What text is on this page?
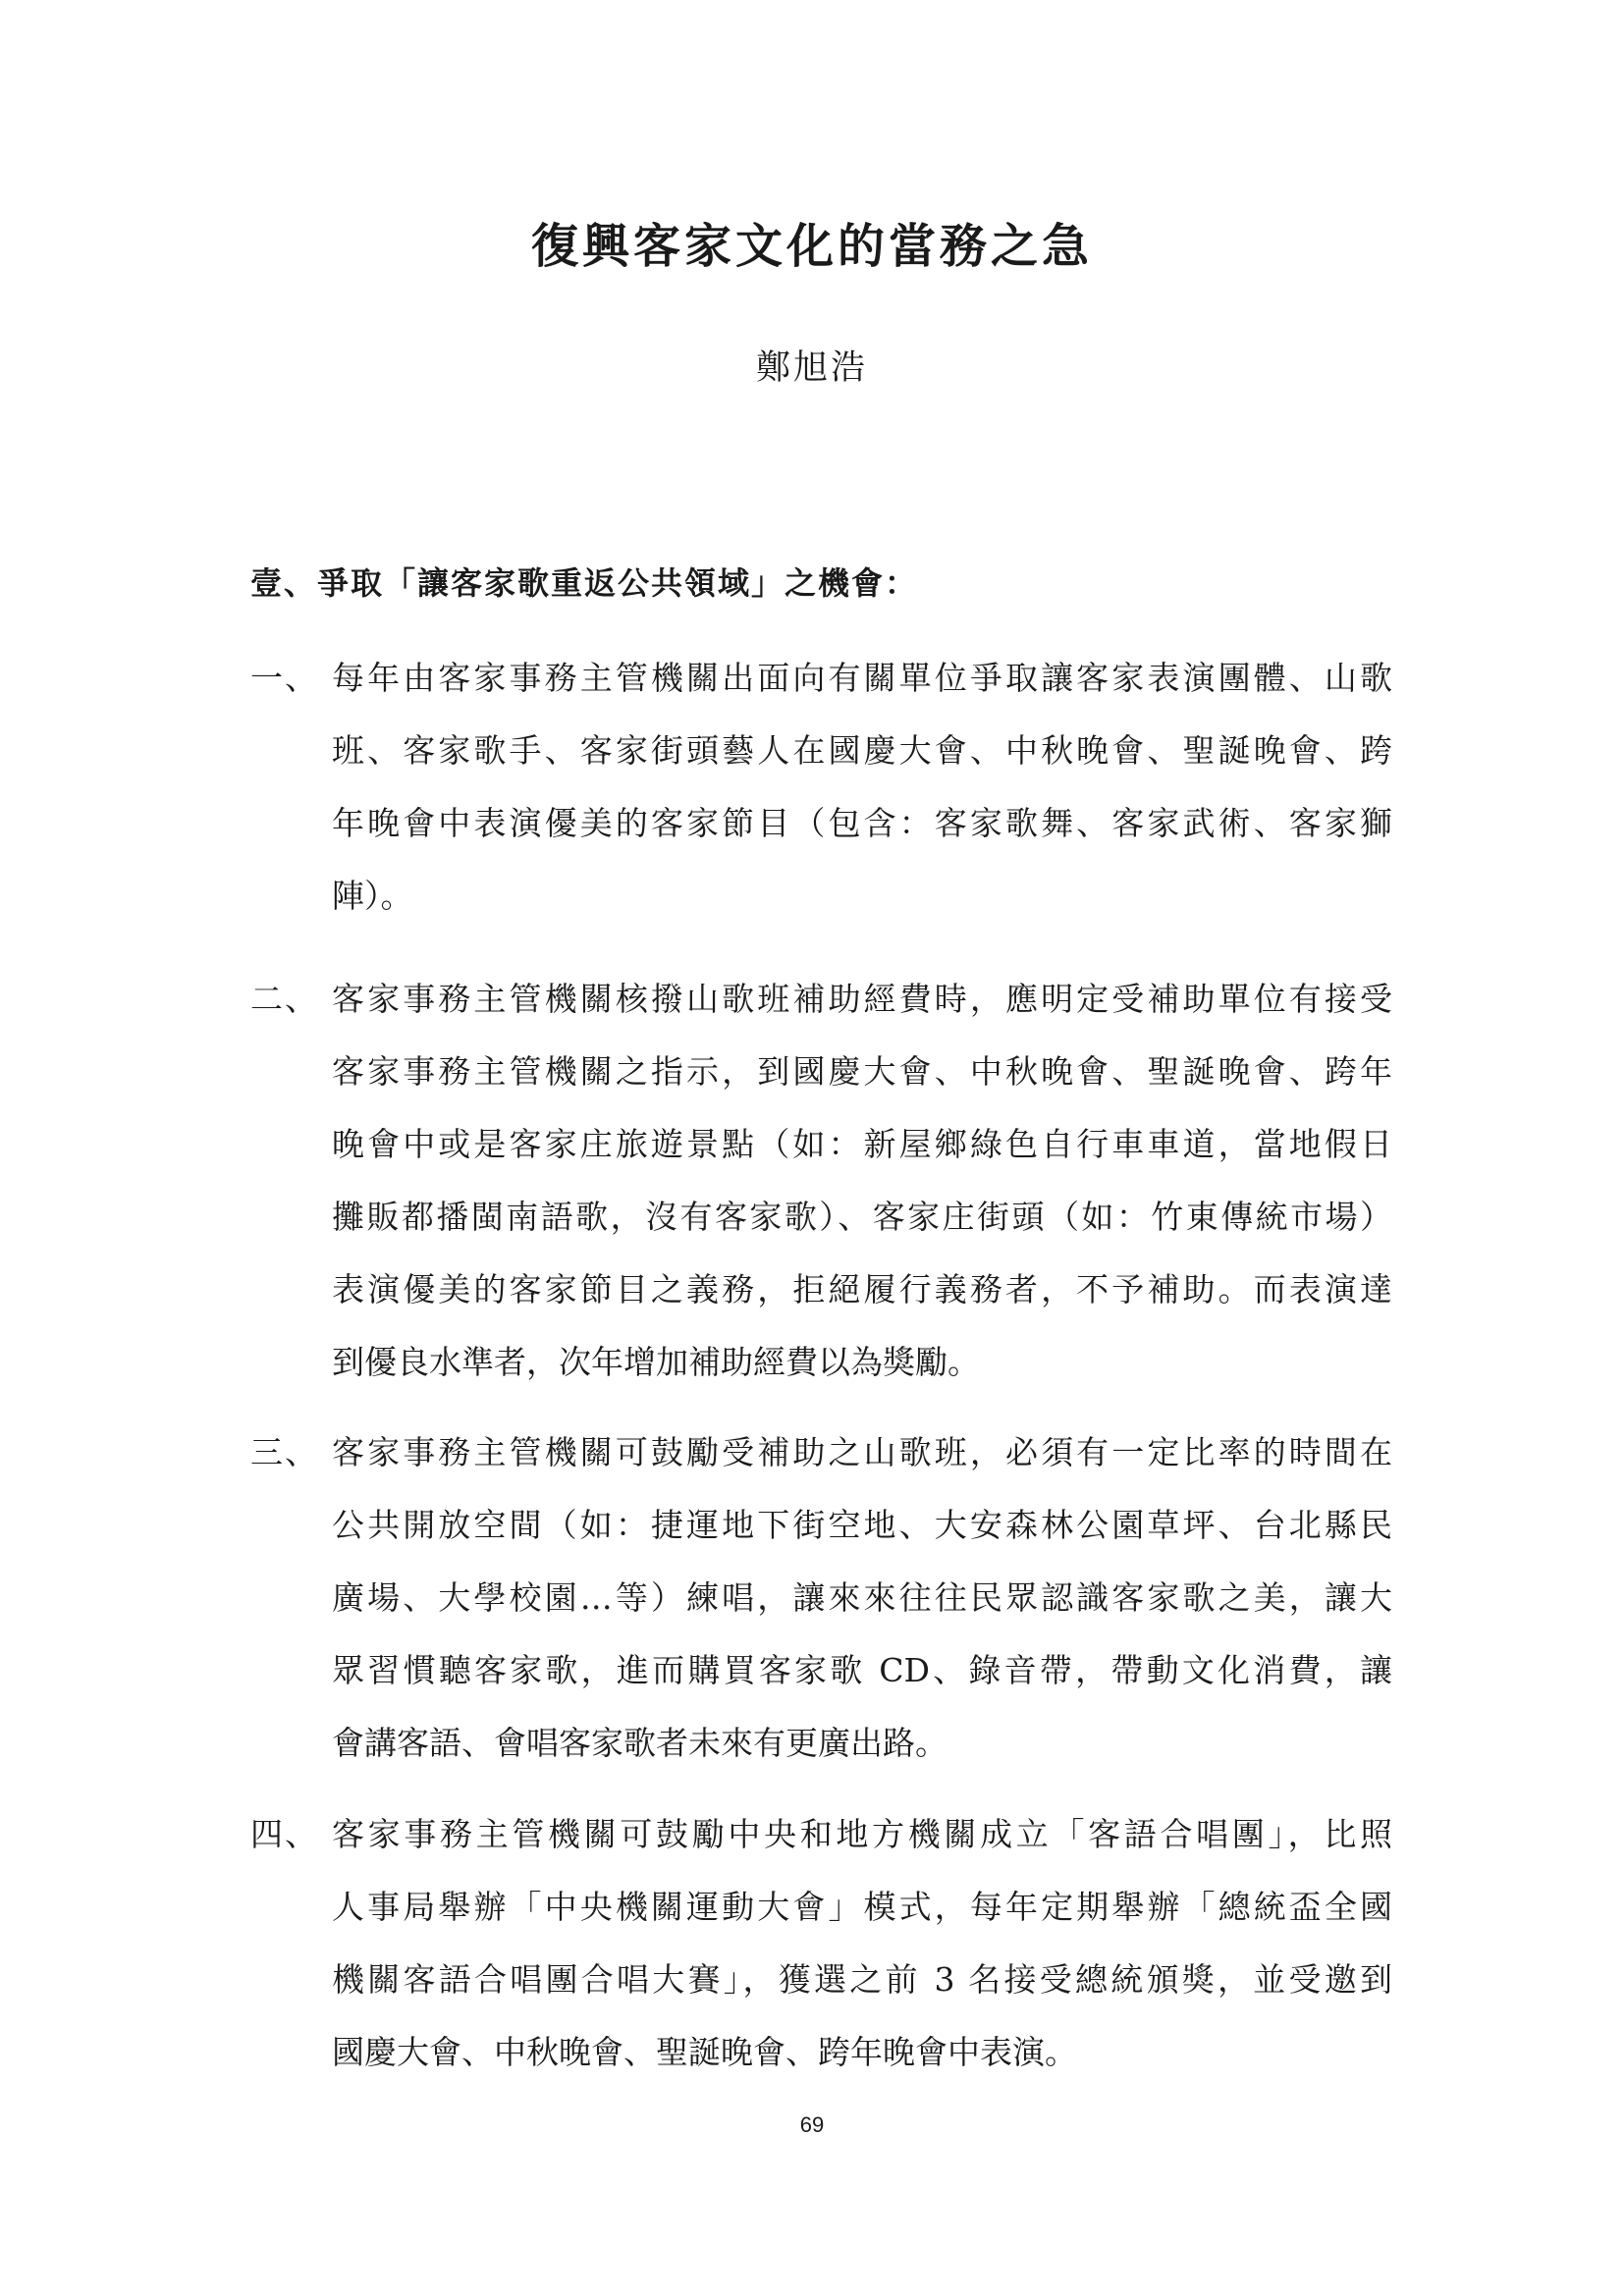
復興客家文化的當務之急
鄭旭浩
壹、爭取「讓客家歌重返公共領域」之機會：
一、 每年由客家事務主管機關出面向有關單位爭取讓客家表演團體、山歌
班、客家歌手、客家街頭藝人在國慶大會、中秋晚會、聖誕晚會、跨
年晚會中表演優美的客家節目（包含：客家歌舞、客家武術、客家獅
陣）。
二、 客家事務主管機關核撥山歌班補助經費時，應明定受補助單位有接受
客家事務主管機關之指示，到國慶大會、中秋晚會、聖誕晚會、跨年
晚會中或是客家庄旅遊景點（如：新屋鄉綠色自行車車道，當地假日
攤販都播閩南語歌，沒有客家歌）、客家庄街頭（如：竹東傳統市場）
表演優美的客家節目之義務，拒絕履行義務者，不予補助。而表演達
到優良水準者，次年增加補助經費以為獎勵。
三、 客家事務主管機關可鼓勵受補助之山歌班，必須有一定比率的時間在
公共開放空間（如：捷運地下街空地、大安森林公園草坪、台北縣民
廣場、大學校園…等）練唱，讓來來往往民眾認識客家歌之美，讓大
眾習慣聽客家歌，進而購買客家歌 CD、錄音帶，帶動文化消費，讓
會講客語、會唱客家歌者未來有更廣出路。
四、 客家事務主管機關可鼓勵中央和地方機關成立「客語合唱團」，比照
人事局舉辦「中央機關運動大會」模式，每年定期舉辦「總統盃全國
機關客語合唱團合唱大賽」，獲選之前 3 名接受總統頒獎，並受邀到
國慶大會、中秋晚會、聖誕晚會、跨年晚會中表演。
69
